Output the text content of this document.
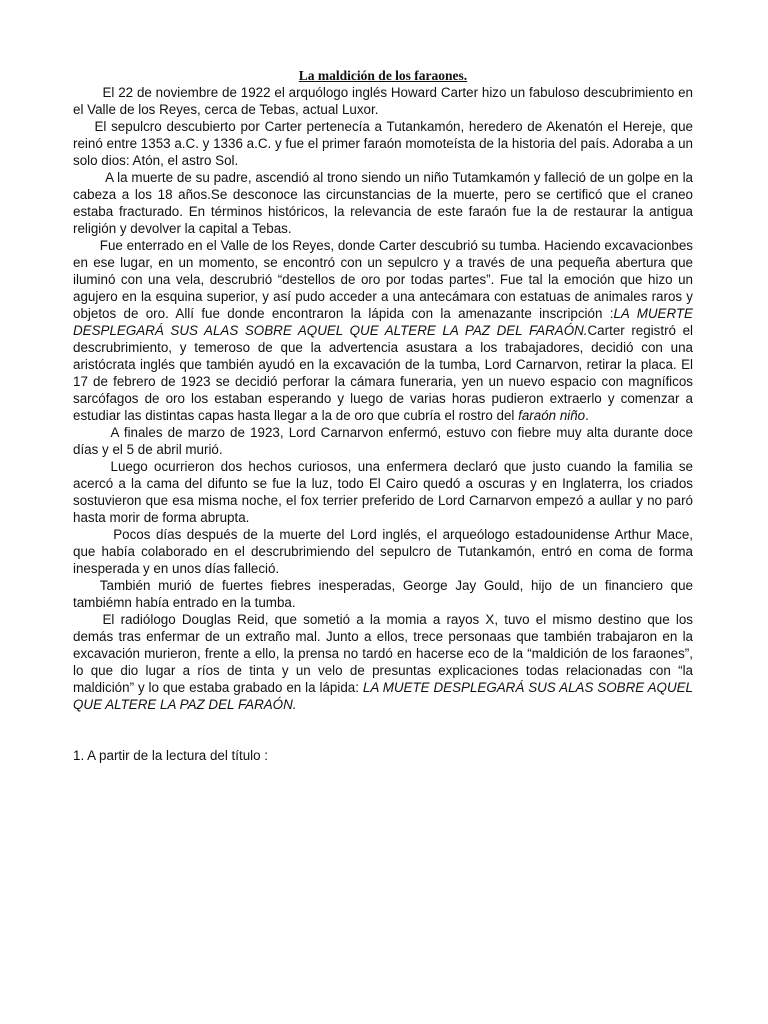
La maldición de los faraones.

El 22 de noviembre de 1922 el arquólogo inglés Howard Carter hizo un fabuloso descubrimiento en el Valle de los Reyes, cerca de Tebas, actual Luxor.

El sepulcro descubierto por Carter pertenecía a Tutankamón, heredero de Akenatón el Hereje, que reinó entre 1353 a.C. y 1336 a.C. y fue el primer faraón momoteísta de la historia del país. Adoraba a un solo dios: Atón, el astro Sol.

A la muerte de su padre, ascendió al trono siendo un niño Tutamkamón y falleció de un golpe en la cabeza a los 18 años.Se desconoce las circunstancias de la muerte, pero se certificó que el craneo estaba fracturado. En términos históricos, la relevancia de este faraón fue la de restaurar la antigua religión y devolver la capital a Tebas.

Fue enterrado en el Valle de los Reyes, donde Carter descubrió su tumba. Haciendo excavacionbes en ese lugar, en un momento, se encontró con un sepulcro y a través de una pequeña abertura que iluminó con una vela, descrubrió “destellos de oro por todas partes”. Fue tal la emoción que hizo un agujero en la esquina superior, y así pudo acceder a una antecámara con estatuas de animales raros y objetos de oro. Allí fue donde encontraron la lápida con la amenazante inscripción :LA MUERTE DESPLEGARÁ SUS ALAS SOBRE AQUEL QUE ALTERE LA PAZ DEL FARAÓN.Carter registró el descrubrimiento, y temeroso de que la advertencia asustara a los trabajadores, decidió con una aristócrata inglés que también ayudó en la excavación de la tumba, Lord Carnarvon, retirar la placa. El 17 de febrero de 1923 se decidió perforar la cámara funeraria, yen un nuevo espacio con magníficos sarcófagos de oro los estaban esperando y luego de varias horas pudieron extraerlo y comenzar a estudiar las distintas capas hasta llegar a la de oro que cubría el rostro del faraón niño.

A finales de marzo de 1923, Lord Carnarvon enfermó, estuvo con fiebre muy alta durante doce días y el 5 de abril murió.

Luego ocurrieron dos hechos curiosos, una enfermera declaró que justo cuando la familia se acercó a la cama del difunto se fue la luz, todo El Cairo quedó a oscuras y en Inglaterra, los criados sostuvieron que esa misma noche, el fox terrier preferido de Lord Carnarvon empezó a aullar y no paró hasta morir de forma abrupta.

Pocos días después de la muerte del Lord inglés, el arqueólogo estadounidense Arthur Mace, que había colaborado en el descrubrimiendo del sepulcro de Tutankamón, entró en coma de forma inesperada y en unos días falleció.

También murió de fuertes fiebres inesperadas, George Jay Gould, hijo de un financiero que tambiémn había entrado en la tumba.

El radiólogo Douglas Reid, que sometió a la momia a rayos X, tuvo el mismo destino que los demás tras enfermar de un extraño mal. Junto a ellos, trece personaas que también trabajaron en la excavación murieron, frente a ello, la prensa no tardó en hacerse eco de la “maldición de los faraones”, lo que dio lugar a ríos de tinta y un velo de presuntas explicaciones todas relacionadas con “la maldición” y lo que estaba grabado en la lápida: LA MUETE DESPLEGARÁ SUS ALAS SOBRE AQUEL QUE ALTERE LA PAZ DEL FARAÓN.

1. A partir de la lectura del título :
